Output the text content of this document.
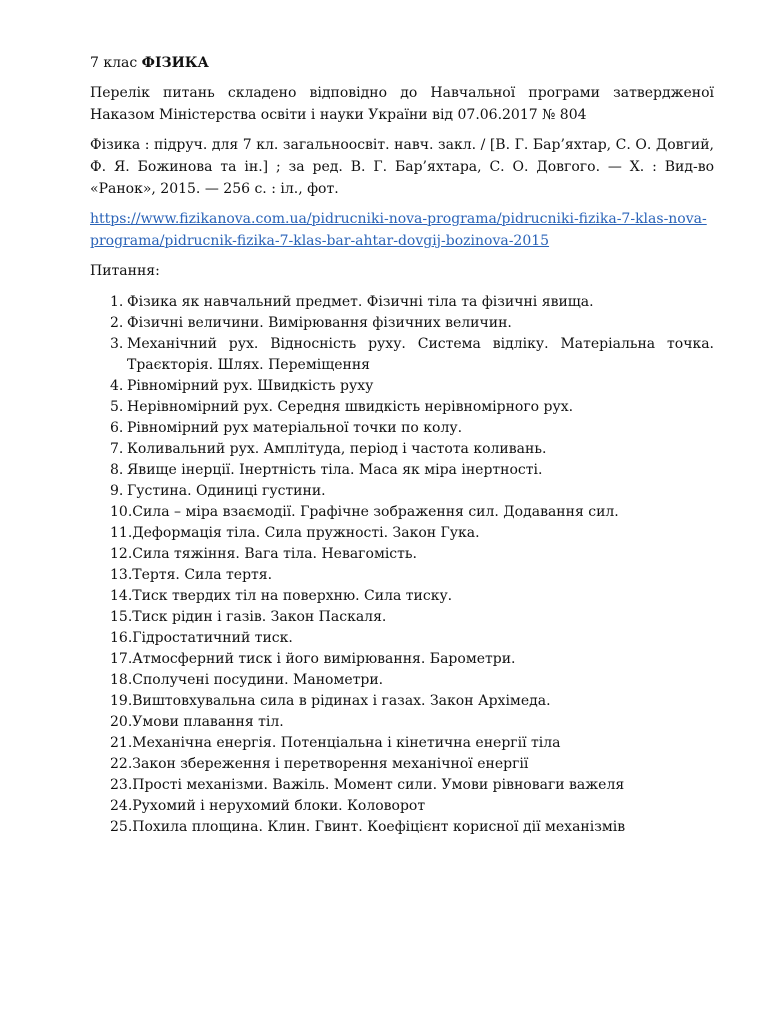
7 клас ФІЗИКА

Перелік питань складено відповідно до Навчальної програми затвердженої Наказом Міністерства освіти і науки України від 07.06.2017 № 804

Фізика : підруч. для 7 кл. загальноосвіт. навч. закл. / [В. Г. Бар’яхтар, С. О. Довгий, Ф. Я. Божинова та ін.] ; за ред. В. Г. Бар’яхтара, С. О. Довгого. — Х. : Вид-во «Ранок», 2015. — 256 с. : іл., фот.

https://www.fizikanova.com.ua/pidrucniki-nova-programa/pidrucniki-fizika-7-klas-nova-programa/pidrucnik-fizika-7-klas-bar-ahtar-dovgij-bozinova-2015

Питання:
1. Фізика як навчальний предмет. Фізичні тіла та фізичні явища.
2. Фізичні величини. Вимірювання фізичних величин.
3. Механічний рух. Відносність руху. Система відліку. Матеріальна точка. Траєкторія. Шлях. Переміщення
4. Рівномірний рух. Швидкість руху
5. Нерівномірний рух. Середня швидкість нерівномірного рух.
6. Рівномірний рух матеріальної точки по колу.
7. Коливальний рух. Амплітуда, період і частота коливань.
8. Явище інерції. Інертність тіла. Маса як міра інертності.
9. Густина. Одиниці густини.
10. Сила – міра взаємодії. Графічне зображення сил. Додавання сил.
11. Деформація тіла. Сила пружності. Закон Гука.
12. Сила тяжіння. Вага тіла. Невагомість.
13. Тертя. Сила тертя.
14. Тиск твердих тіл на поверхню. Сила тиску.
15. Тиск рідин і газів. Закон Паскаля.
16. Гідростатичний тиск.
17. Атмосферний тиск і його вимірювання. Барометри.
18. Сполучені посудини. Манометри.
19. Виштовхувальна сила в рідинах і газах. Закон Архімеда.
20. Умови плавання тіл.
21. Механічна енергія. Потенціальна і кінетична енергії тіла
22. Закон збереження і перетворення механічної енергії
23. Прості механізми. Важіль. Момент сили. Умови рівноваги важеля
24. Рухомий і нерухомий блоки. Коловорот
25. Похила площина. Клин. Гвинт. Коефіцієнт корисної дії механізмів
